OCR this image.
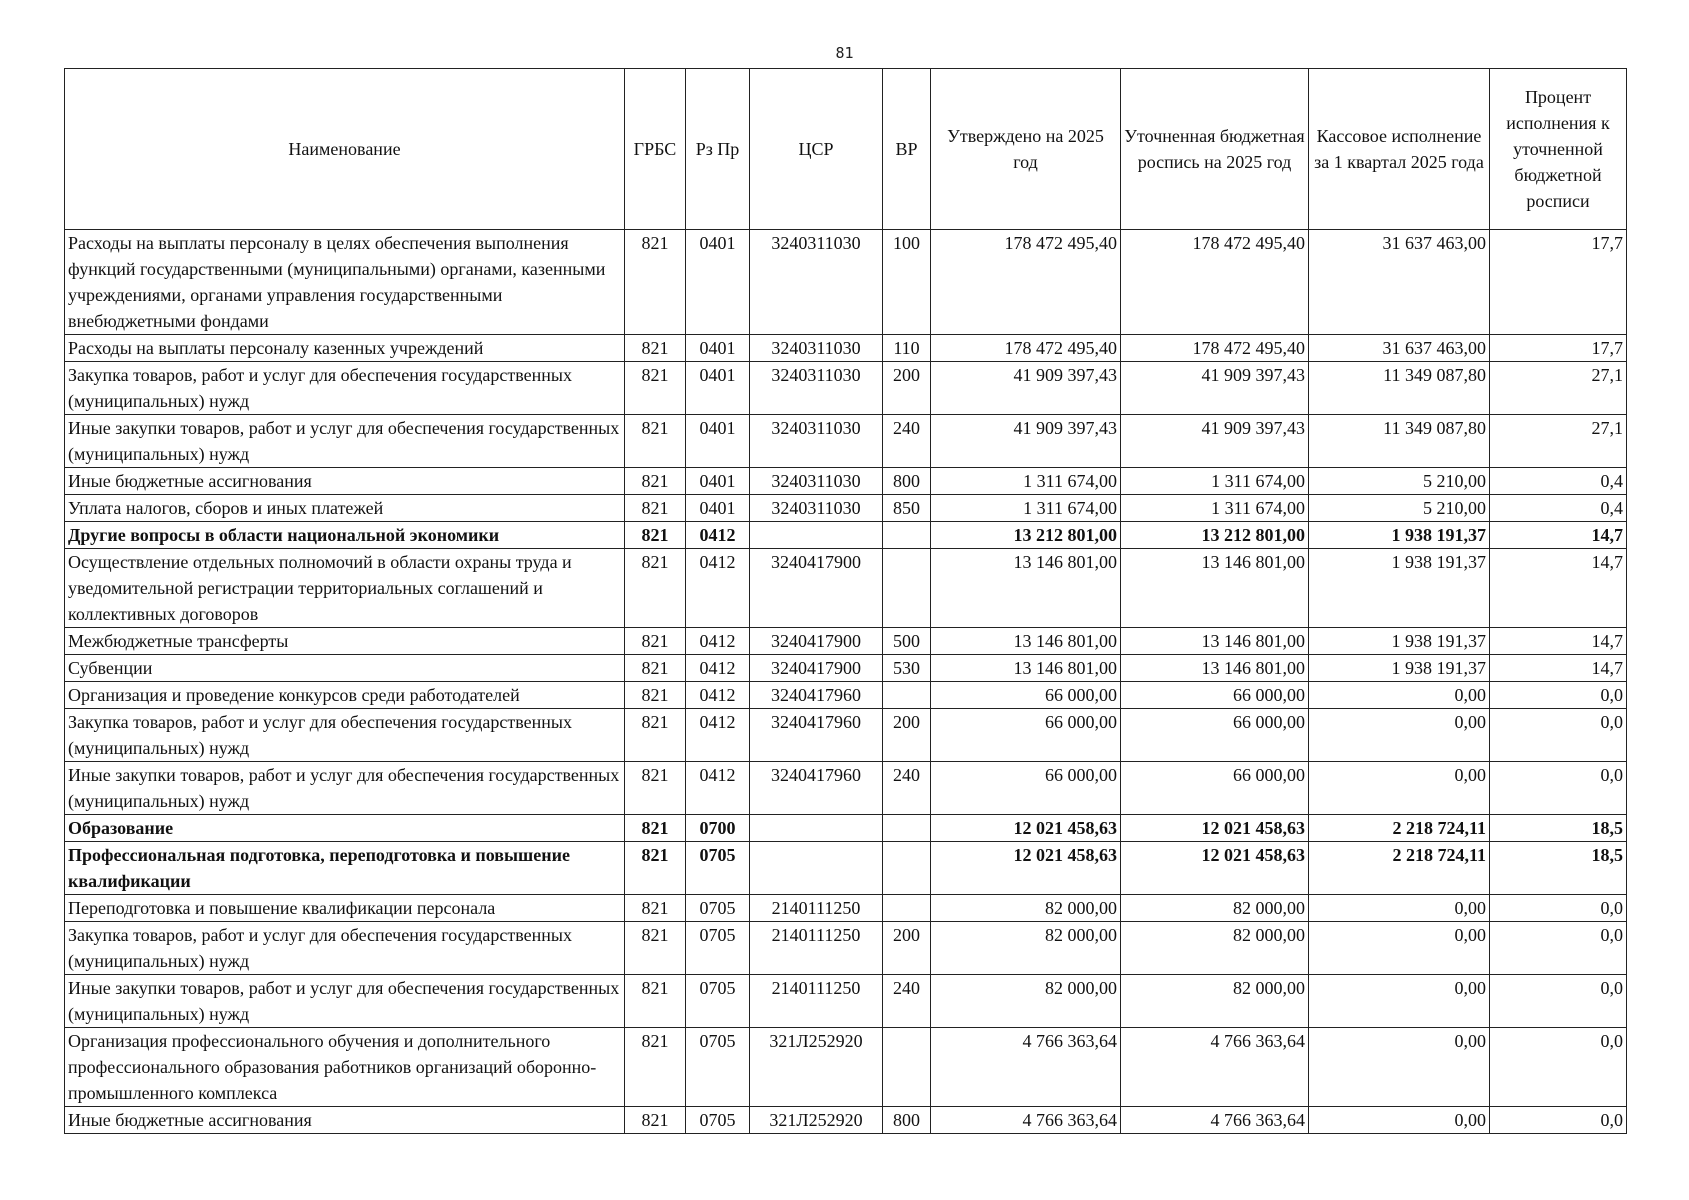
81
Наименование	ГРБС	Рз Пр	ЦСР	ВР	Утверждено на 2025 год	Уточненная бюджетная роспись на 2025 год	Кассовое исполнение за 1 квартал 2025 года	Процент исполнения к уточненной бюджетной росписи
Расходы на выплаты персоналу в целях обеспечения выполнения функций государственными (муниципальными) органами, казенными учреждениями, органами управления государственными внебюджетными фондами	821	0401	3240311030	100	178 472 495,40	178 472 495,40	31 637 463,00	17,7
Расходы на выплаты персоналу казенных учреждений	821	0401	3240311030	110	178 472 495,40	178 472 495,40	31 637 463,00	17,7
Закупка товаров, работ и услуг для обеспечения государственных (муниципальных) нужд	821	0401	3240311030	200	41 909 397,43	41 909 397,43	11 349 087,80	27,1
Иные закупки товаров, работ и услуг для обеспечения государственных (муниципальных) нужд	821	0401	3240311030	240	41 909 397,43	41 909 397,43	11 349 087,80	27,1
Иные бюджетные ассигнования	821	0401	3240311030	800	1 311 674,00	1 311 674,00	5 210,00	0,4
Уплата налогов, сборов и иных платежей	821	0401	3240311030	850	1 311 674,00	1 311 674,00	5 210,00	0,4
Другие вопросы в области национальной экономики	821	0412			13 212 801,00	13 212 801,00	1 938 191,37	14,7
Осуществление отдельных полномочий в области охраны труда и уведомительной регистрации территориальных соглашений и коллективных договоров	821	0412	3240417900		13 146 801,00	13 146 801,00	1 938 191,37	14,7
Межбюджетные трансферты	821	0412	3240417900	500	13 146 801,00	13 146 801,00	1 938 191,37	14,7
Субвенции	821	0412	3240417900	530	13 146 801,00	13 146 801,00	1 938 191,37	14,7
Организация и проведение конкурсов среди работодателей	821	0412	3240417960		66 000,00	66 000,00	0,00	0,0
Закупка товаров, работ и услуг для обеспечения государственных (муниципальных) нужд	821	0412	3240417960	200	66 000,00	66 000,00	0,00	0,0
Иные закупки товаров, работ и услуг для обеспечения государственных (муниципальных) нужд	821	0412	3240417960	240	66 000,00	66 000,00	0,00	0,0
Образование	821	0700			12 021 458,63	12 021 458,63	2 218 724,11	18,5
Профессиональная подготовка, переподготовка и повышение квалификации	821	0705			12 021 458,63	12 021 458,63	2 218 724,11	18,5
Переподготовка и повышение квалификации персонала	821	0705	2140111250		82 000,00	82 000,00	0,00	0,0
Закупка товаров, работ и услуг для обеспечения государственных (муниципальных) нужд	821	0705	2140111250	200	82 000,00	82 000,00	0,00	0,0
Иные закупки товаров, работ и услуг для обеспечения государственных (муниципальных) нужд	821	0705	2140111250	240	82 000,00	82 000,00	0,00	0,0
Организация профессионального обучения и дополнительного профессионального образования работников организаций оборонно-промышленного комплекса	821	0705	321Л252920		4 766 363,64	4 766 363,64	0,00	0,0
Иные бюджетные ассигнования	821	0705	321Л252920	800	4 766 363,64	4 766 363,64	0,00	0,0
